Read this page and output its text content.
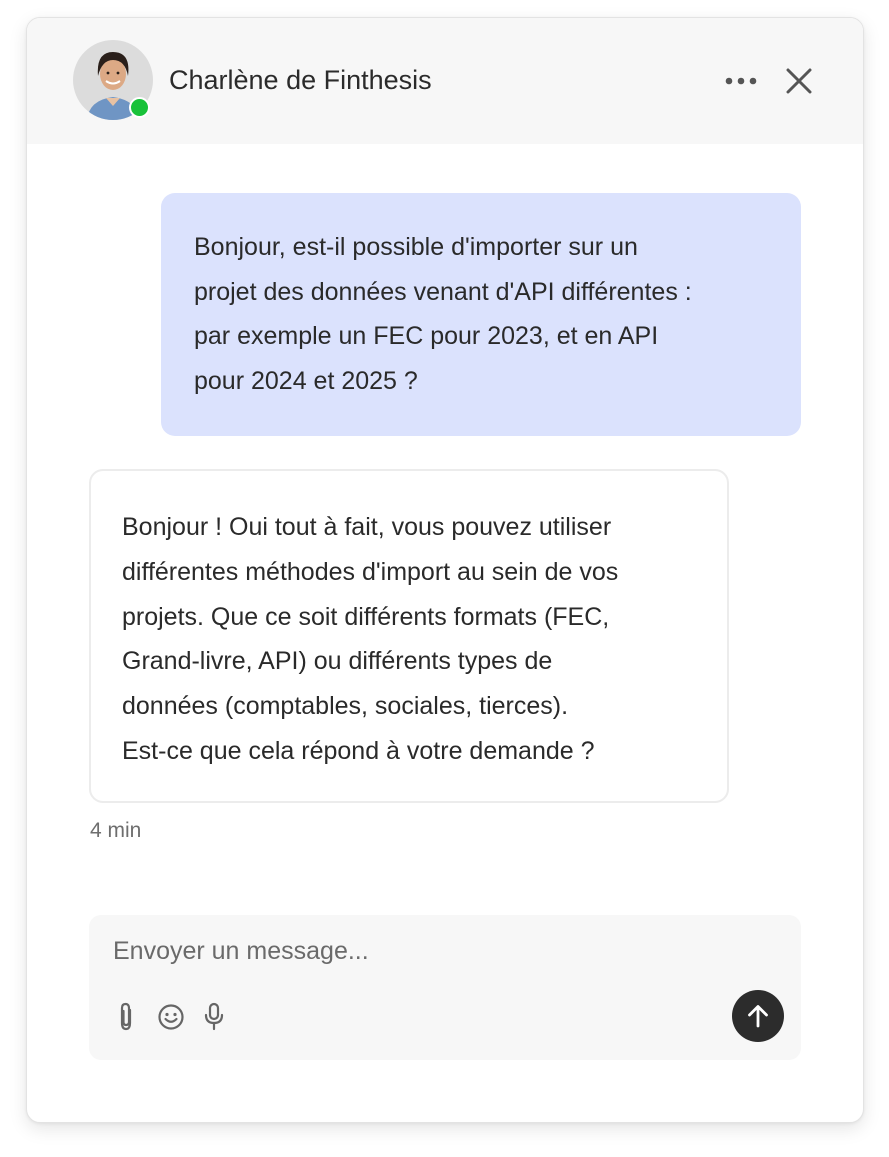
Charlène de Finthesis

Bonjour, est-il possible d'importer sur un
projet des données venant d'API différentes :
par exemple un FEC pour 2023, et en API
pour 2024 et 2025 ?

Bonjour ! Oui tout à fait, vous pouvez utiliser
différentes méthodes d'import au sein de vos
projets. Que ce soit différents formats (FEC,
Grand-livre, API) ou différents types de
données (comptables, sociales, tierces).
Est-ce que cela répond à votre demande ?

4 min
Envoyer un message...
